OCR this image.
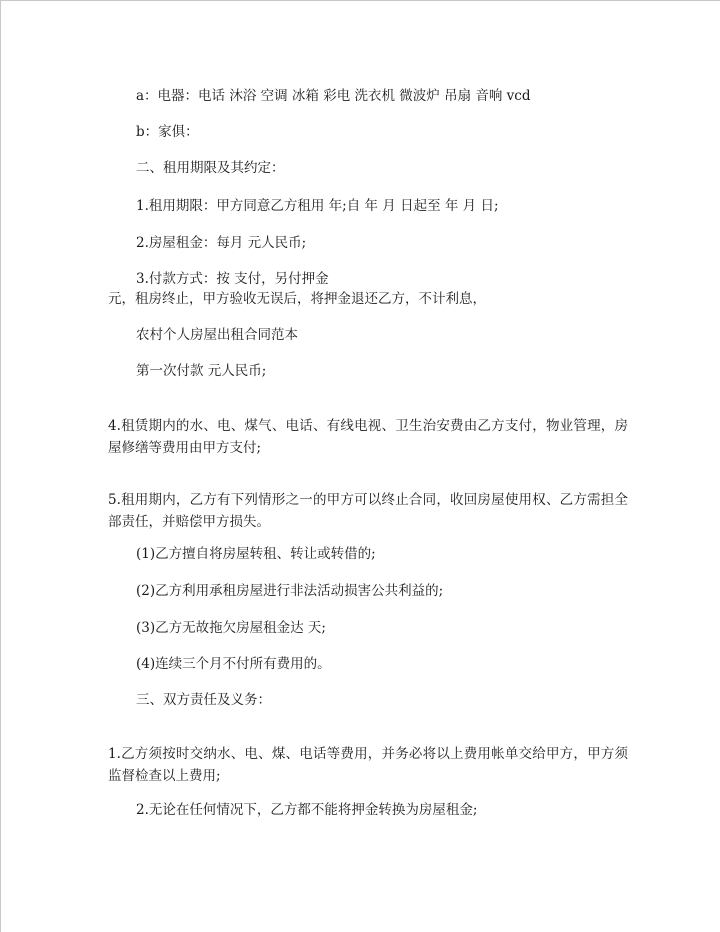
a：电器：电话 沐浴 空调 冰箱 彩电 洗衣机 微波炉 吊扇 音响 vcd
b：家俱：
二、租用期限及其约定：
1.租用期限：甲方同意乙方租用 年;自 年 月 日起至 年 月 日;
2.房屋租金：每月 元人民币;
3.付款方式：按 支付，另付押金
元，租房终止，甲方验收无误后，将押金退还乙方，不计利息，
农村个人房屋出租合同范本
第一次付款 元人民币;
4.租赁期内的水、电、煤气、电话、有线电视、卫生治安费由乙方支付，物业管理，房屋修缮等费用由甲方支付;
5.租用期内，乙方有下列情形之一的甲方可以终止合同，收回房屋使用权、乙方需担全部责任，并赔偿甲方损失。
(1)乙方擅自将房屋转租、转让或转借的;
(2)乙方利用承租房屋进行非法活动损害公共利益的;
(3)乙方无故拖欠房屋租金达 天;
(4)连续三个月不付所有费用的。
三、双方责任及义务：
1.乙方须按时交纳水、电、煤、电话等费用，并务必将以上费用帐单交给甲方，甲方须监督检查以上费用;
2.无论在任何情况下，乙方都不能将押金转换为房屋租金;
